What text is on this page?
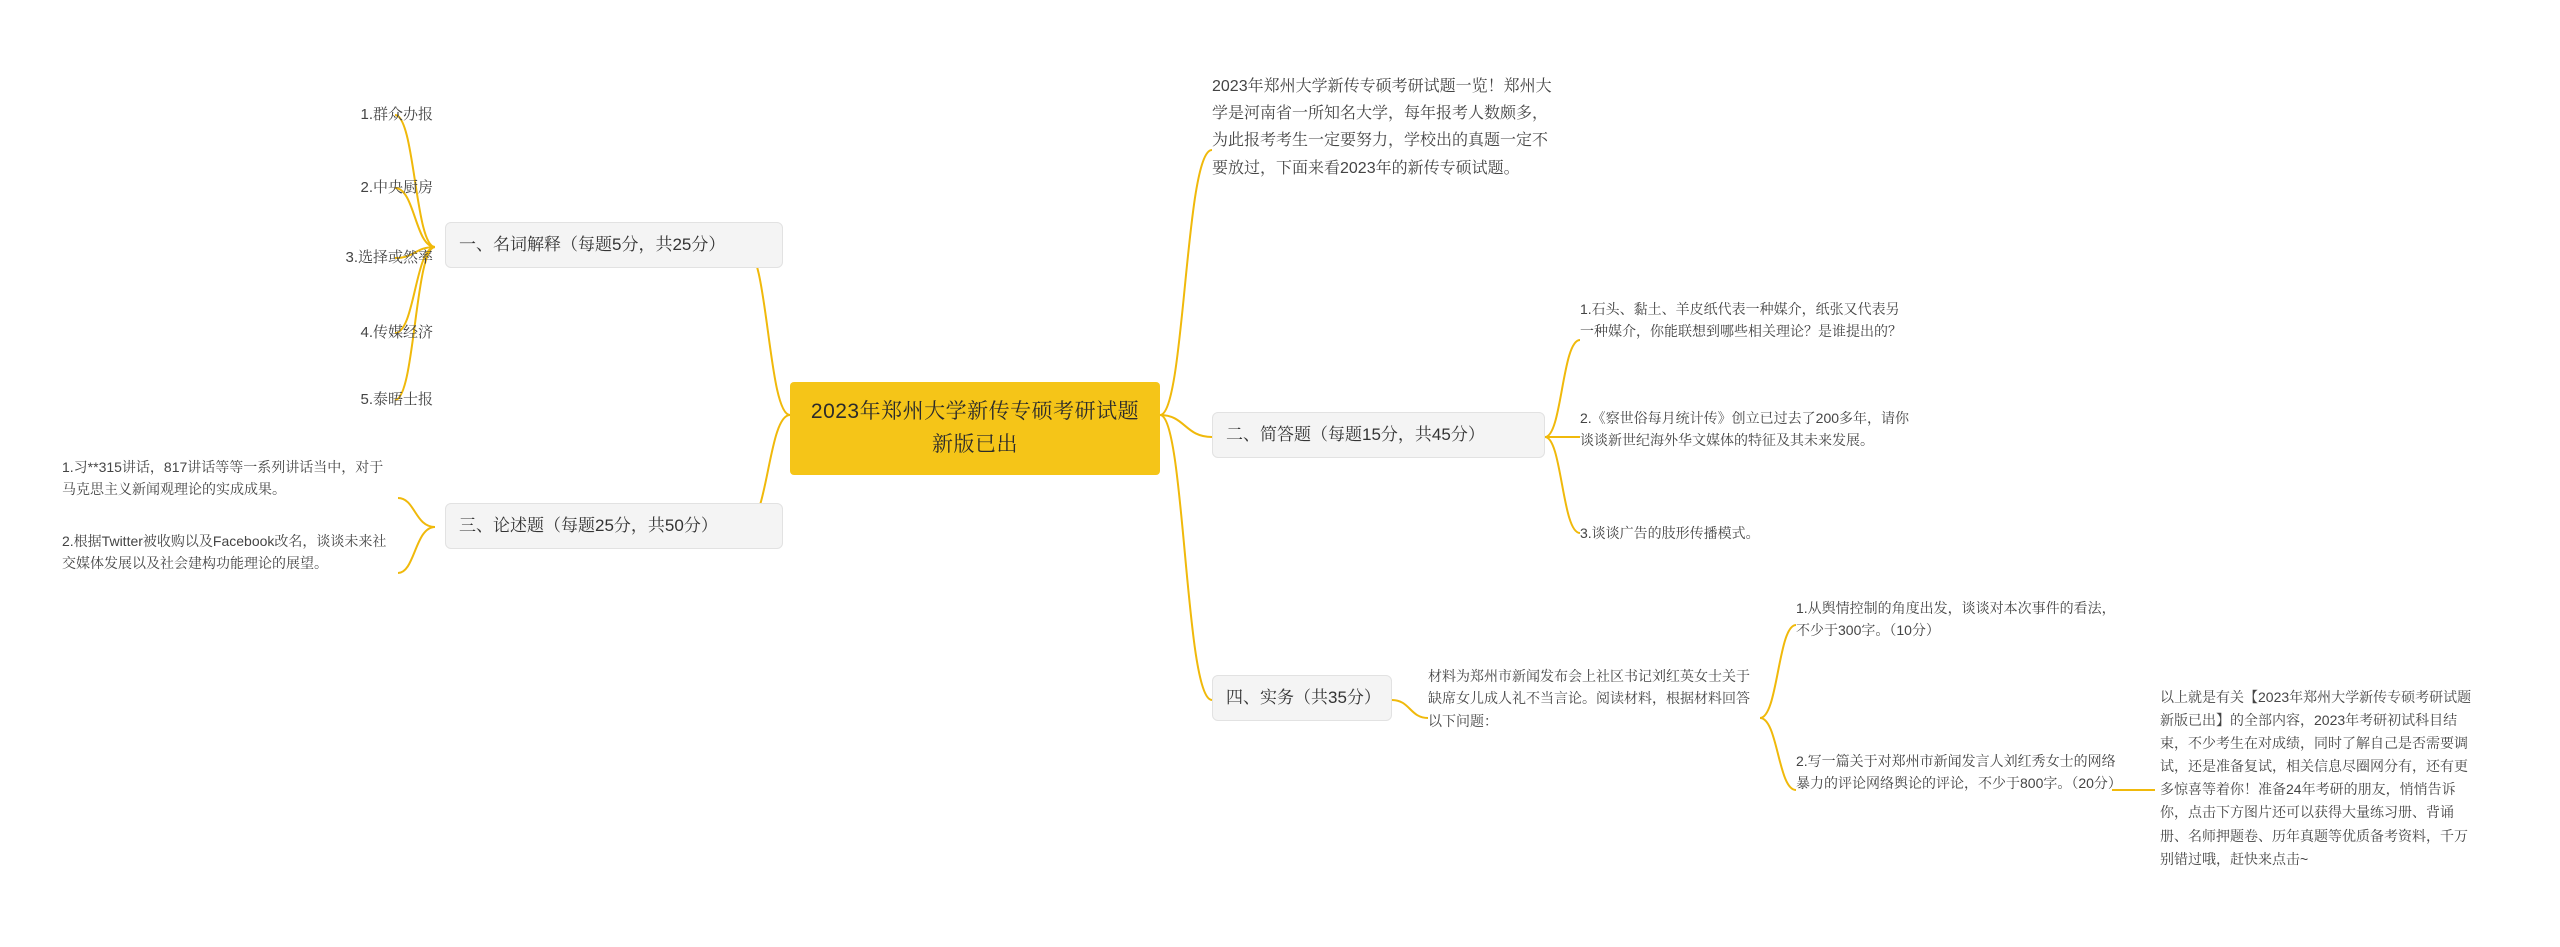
2023年郑州大学新传专硕考研试题新版已出
2023年郑州大学新传专硕考研试题一览！郑州大学是河南省一所知名大学，每年报考人数颇多，为此报考考生一定要努力，学校出的真题一定不要放过，下面来看2023年的新传专硕试题。
一、名词解释（每题5分，共25分）
1.群众办报
2.中央厨房
3.选择或然率
4.传媒经济
5.泰晤士报
三、论述题（每题25分，共50分）
1.习**315讲话，817讲话等等一系列讲话当中，对于马克思主义新闻观理论的实成成果。
2.根据Twitter被收购以及Facebook改名，谈谈未来社交媒体发展以及社会建构功能理论的展望。
二、简答题（每题15分，共45分）
1.石头、黏土、羊皮纸代表一种媒介，纸张又代表另一种媒介，你能联想到哪些相关理论？是谁提出的？
2.《察世俗每月统计传》创立已过去了200多年，请你谈谈新世纪海外华文媒体的特征及其未来发展。
3.谈谈广告的肢形传播模式。
四、实务（共35分）
材料为郑州市新闻发布会上社区书记刘红英女士关于缺席女儿成人礼不当言论。阅读材料，根据材料回答以下问题：
1.从舆情控制的角度出发，谈谈对本次事件的看法，不少于300字。（10分）
2.写一篇关于对郑州市新闻发言人刘红秀女士的网络暴力的评论网络舆论的评论，不少于800字。（20分）
以上就是有关【2023年郑州大学新传专硕考研试题新版已出】的全部内容，2023年考研初试科目结束，不少考生在对成绩，同时了解自己是否需要调试，还是准备复试，相关信息尽圈网分有，还有更多惊喜等着你！准备24年考研的朋友，悄悄告诉你，点击下方图片还可以获得大量练习册、背诵册、名师押题卷、历年真题等优质备考资料，千万别错过哦，赶快来点击~
